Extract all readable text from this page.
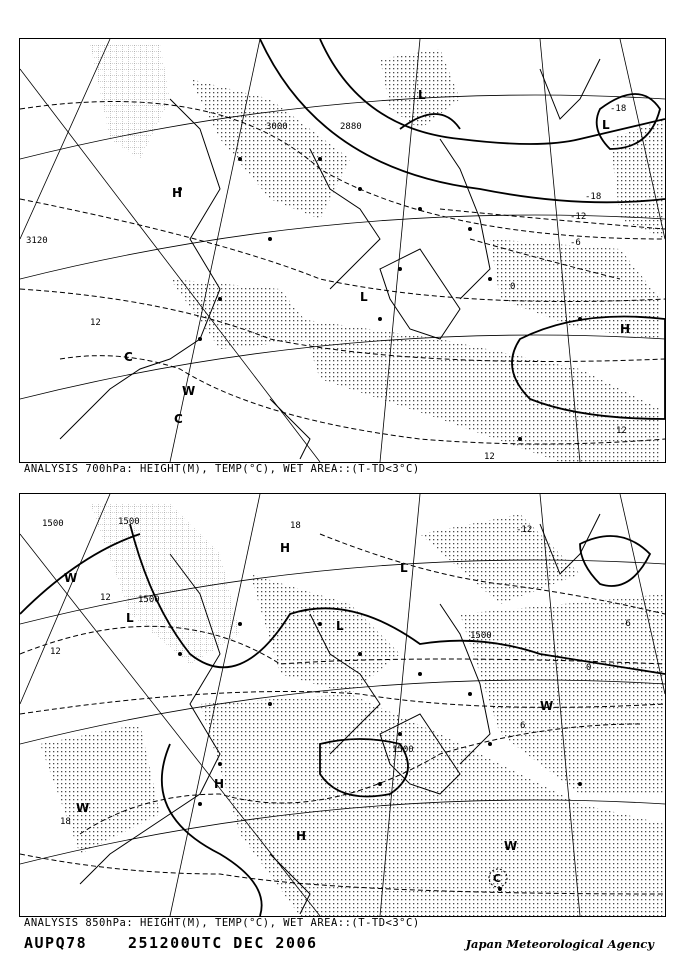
3120
3000	2880
-18
-18
-12
-6
0
12
12
12
H
L
L
L
W
C
C
H
ANALYSIS 700hPa: HEIGHT(M), TEMP(°C), WET AREA::(T-TD<3°C)
1500	1500
1500
1500
1500
18
18
12
12
6
0
-6
-12
W
L
L
H
H
H
W
C
W
W
L
ANALYSIS 850hPa: HEIGHT(M), TEMP(°C), WET AREA::(T-TD<3°C)
AUPQ78	251200UTC DEC 2006	Japan Meteorological Agency
